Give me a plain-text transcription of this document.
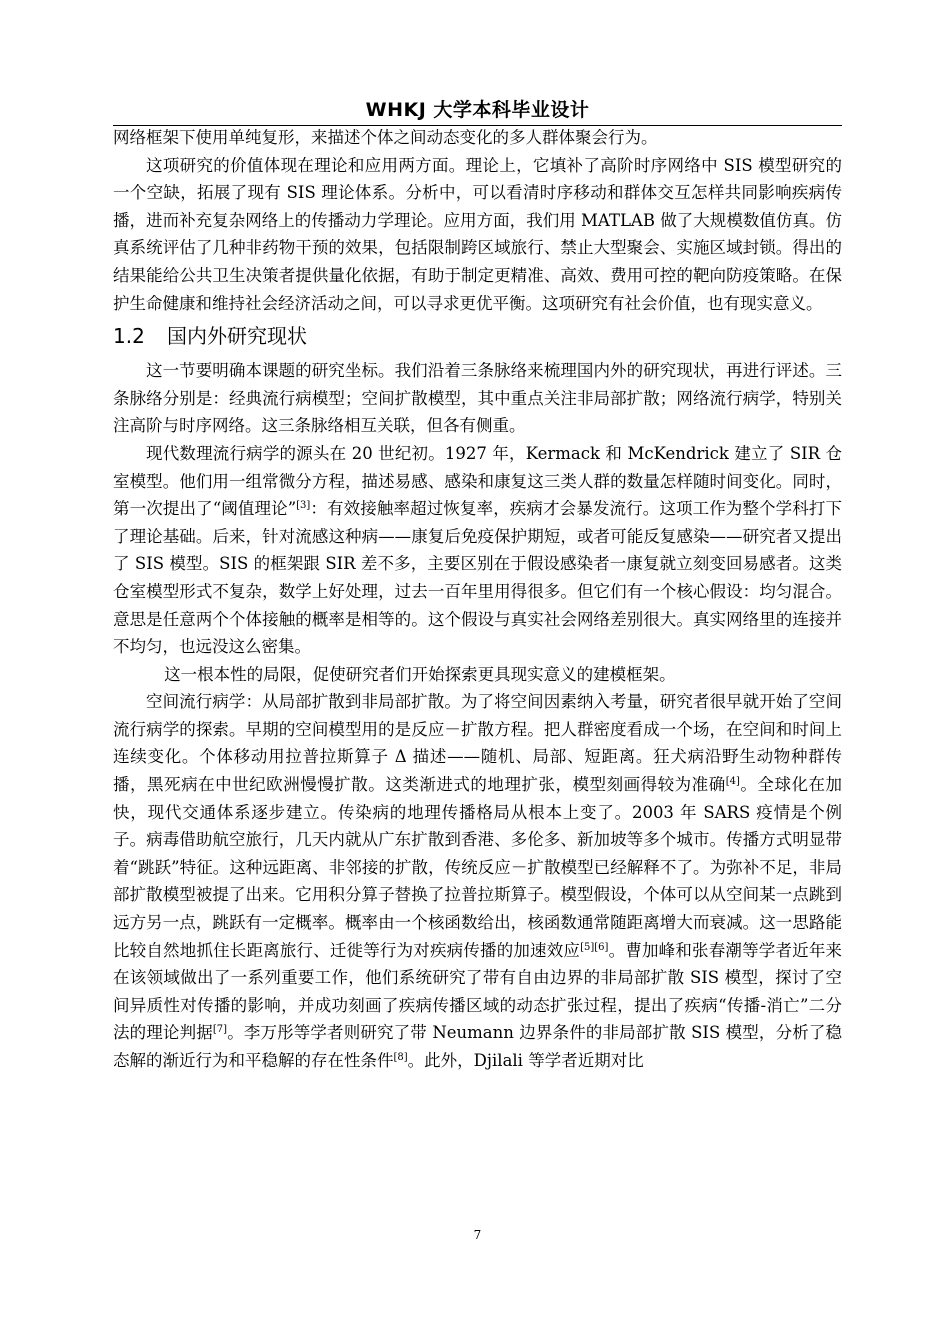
WHKJ 大学本科毕业设计

网络框架下使用单纯复形，来描述个体之间动态变化的多人群体聚会行为。

这项研究的价值体现在理论和应用两方面。理论上，它填补了高阶时序网络中 SIS 模型研究的一个空缺，拓展了现有 SIS 理论体系。分析中，可以看清时序移动和群体交互怎样共同影响疾病传播，进而补充复杂网络上的传播动力学理论。应用方面，我们用 MATLAB 做了大规模数值仿真。仿真系统评估了几种非药物干预的效果，包括限制跨区域旅行、禁止大型聚会、实施区域封锁。得出的结果能给公共卫生决策者提供量化依据，有助于制定更精准、高效、费用可控的靶向防疫策略。在保护生命健康和维持社会经济活动之间，可以寻求更优平衡。这项研究有社会价值，也有现实意义。

1.2 国内外研究现状

这一节要明确本课题的研究坐标。我们沿着三条脉络来梳理国内外的研究现状，再进行评述。三条脉络分别是：经典流行病模型；空间扩散模型，其中重点关注非局部扩散；网络流行病学，特别关注高阶与时序网络。这三条脉络相互关联，但各有侧重。

现代数理流行病学的源头在 20 世纪初。1927 年，Kermack 和 McKendrick 建立了 SIR 仓室模型。他们用一组常微分方程，描述易感、感染和康复这三类人群的数量怎样随时间变化。同时，第一次提出了“阈值理论”[3]：有效接触率超过恢复率，疾病才会暴发流行。这项工作为整个学科打下了理论基础。后来，针对流感这种病——康复后免疫保护期短，或者可能反复感染——研究者又提出了 SIS 模型。SIS 的框架跟 SIR 差不多，主要区别在于假设感染者一康复就立刻变回易感者。这类仓室模型形式不复杂，数学上好处理，过去一百年里用得很多。但它们有一个核心假设：均匀混合。意思是任意两个个体接触的概率是相等的。这个假设与真实社会网络差别很大。真实网络里的连接并不均匀，也远没这么密集。

这一根本性的局限，促使研究者们开始探索更具现实意义的建模框架。

空间流行病学：从局部扩散到非局部扩散。为了将空间因素纳入考量，研究者很早就开始了空间流行病学的探索。早期的空间模型用的是反应－扩散方程。把人群密度看成一个场，在空间和时间上连续变化。个体移动用拉普拉斯算子 Δ 描述——随机、局部、短距离。狂犬病沿野生动物种群传播，黑死病在中世纪欧洲慢慢扩散。这类渐进式的地理扩张，模型刻画得较为准确[4]。全球化在加快，现代交通体系逐步建立。传染病的地理传播格局从根本上变了。2003 年 SARS 疫情是个例子。病毒借助航空旅行，几天内就从广东扩散到香港、多伦多、新加坡等多个城市。传播方式明显带着“跳跃”特征。这种远距离、非邻接的扩散，传统反应－扩散模型已经解释不了。为弥补不足，非局部扩散模型被提了出来。它用积分算子替换了拉普拉斯算子。模型假设，个体可以从空间某一点跳到远方另一点，跳跃有一定概率。概率由一个核函数给出，核函数通常随距离增大而衰减。这一思路能比较自然地抓住长距离旅行、迁徙等行为对疾病传播的加速效应[5][6]。曹加峰和张春潮等学者近年来在该领域做出了一系列重要工作，他们系统研究了带有自由边界的非局部扩散 SIS 模型，探讨了空间异质性对传播的影响，并成功刻画了疾病传播区域的动态扩张过程，提出了疾病“传播-消亡”二分法的理论判据[7]。李万彤等学者则研究了带 Neumann 边界条件的非局部扩散 SIS 模型，分析了稳态解的渐近行为和平稳解的存在性条件[8]。此外，Djilali 等学者近期对比

7
